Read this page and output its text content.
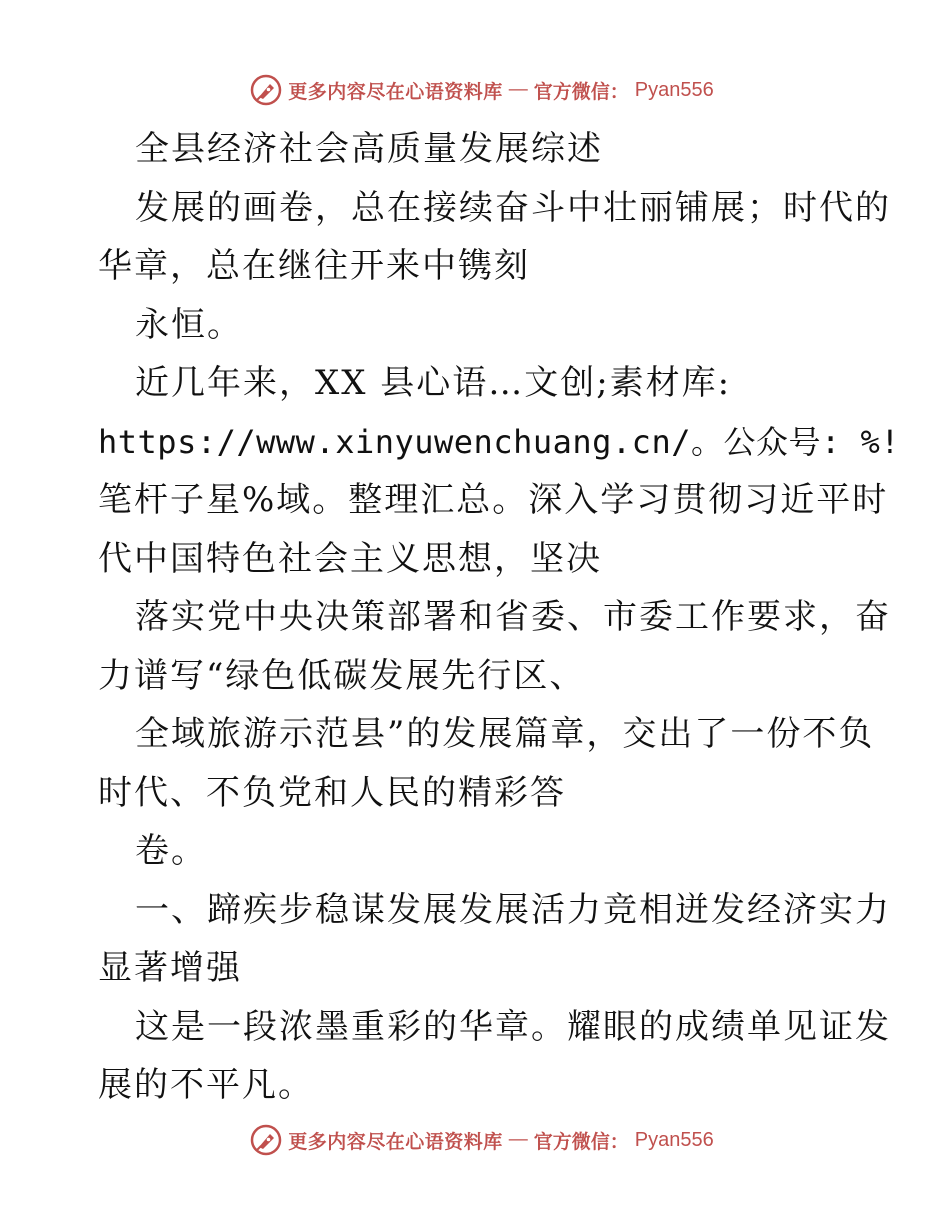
更多内容尽在心语资料库 — 官方微信： Pyan556
全县经济社会高质量发展综述
发展的画卷，总在接续奋斗中壮丽铺展；时代的
华章，总在继往开来中镌刻
永恒。
近几年来，XX 县心语…文创;素材库:
https://www.xinyuwenchuang.cn/。公众号: %!
笔杆子星%域。整理汇总。深入学习贯彻习近平时
代中国特色社会主义思想，坚决
落实党中央决策部署和省委、市委工作要求，奋
力谱写“绿色低碳发展先行区、
全域旅游示范县”的发展篇章，交出了一份不负
时代、不负党和人民的精彩答
卷。
一、蹄疾步稳谋发展发展活力竞相迸发经济实力
显著增强
这是一段浓墨重彩的华章。耀眼的成绩单见证发
展的不平凡。
更多内容尽在心语资料库 — 官方微信： Pyan556
